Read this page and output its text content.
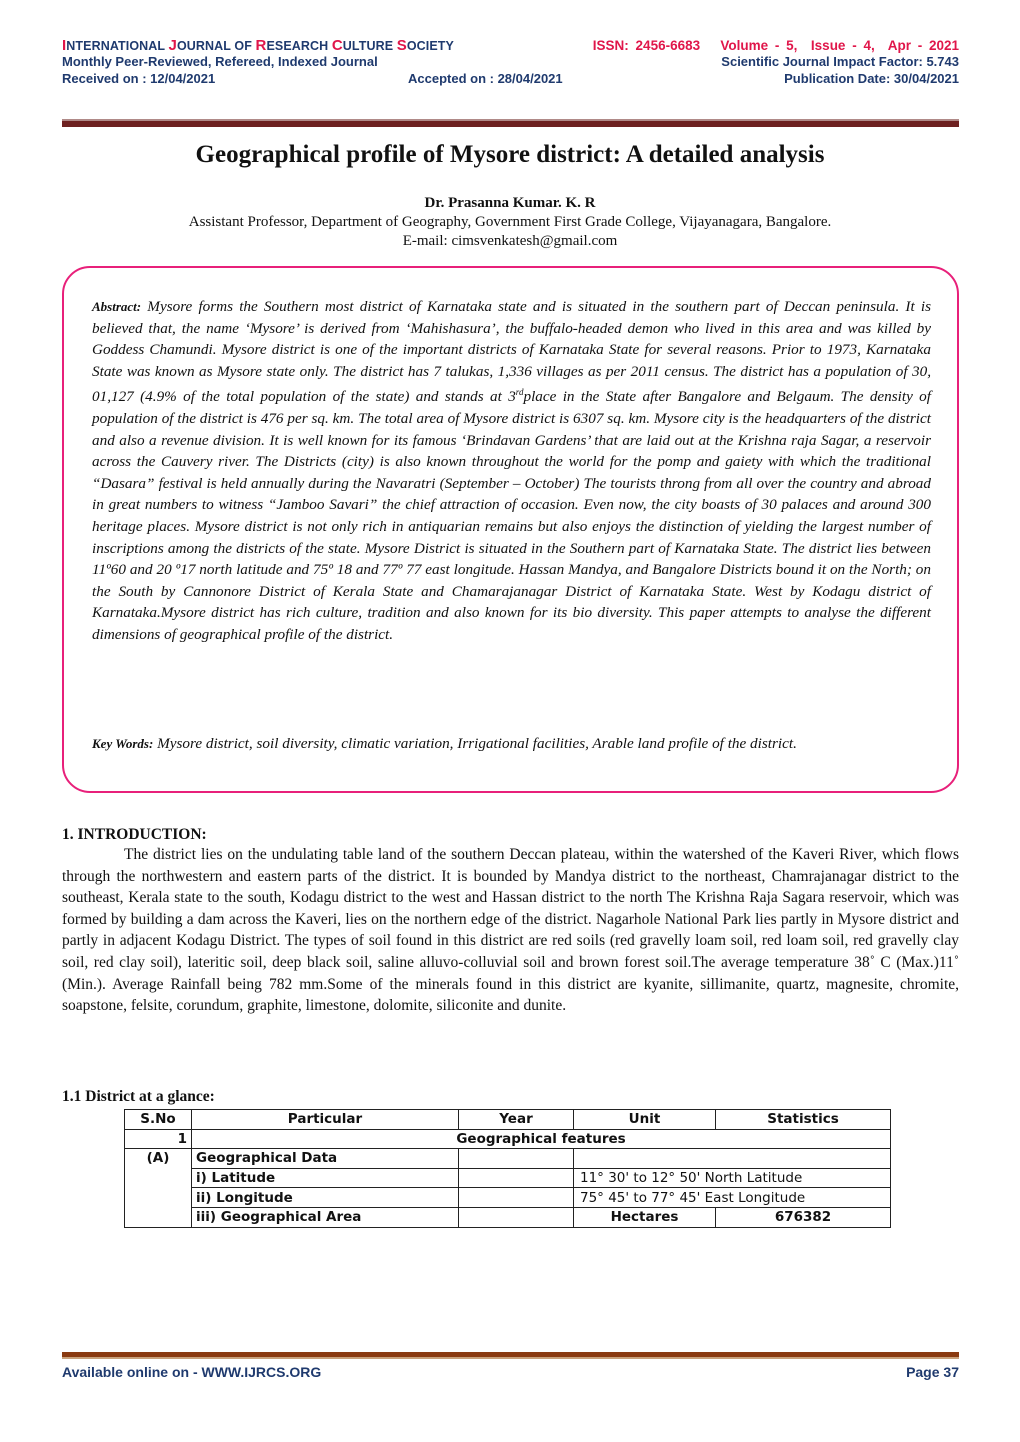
INTERNATIONAL JOURNAL OF RESEARCH CULTURE SOCIETY	ISSN: 2456-6683 Volume - 5, Issue - 4, Apr - 2021
Monthly Peer-Reviewed, Refereed, Indexed Journal	Scientific Journal Impact Factor: 5.743
Received on : 12/04/2021	Accepted on : 28/04/2021	Publication Date: 30/04/2021
Geographical profile of Mysore district: A detailed analysis
Dr. Prasanna Kumar. K. R
Assistant Professor, Department of Geography, Government First Grade College, Vijayanagara, Bangalore.
E-mail: cimsvenkatesh@gmail.com
Abstract: Mysore forms the Southern most district of Karnataka state and is situated in the southern part of Deccan peninsula. It is believed that, the name ‘Mysore’ is derived from ‘Mahishasura’, the buffalo-headed demon who lived in this area and was killed by Goddess Chamundi. Mysore district is one of the important districts of Karnataka State for several reasons. Prior to 1973, Karnataka State was known as Mysore state only. The district has 7 talukas, 1,336 villages as per 2011 census. The district has a population of 30, 01,127 (4.9% of the total population of the state) and stands at 3rdplace in the State after Bangalore and Belgaum. The density of population of the district is 476 per sq. km. The total area of Mysore district is 6307 sq. km. Mysore city is the headquarters of the district and also a revenue division. It is well known for its famous ‘Brindavan Gardens’ that are laid out at the Krishna raja Sagar, a reservoir across the Cauvery river. The Districts (city) is also known throughout the world for the pomp and gaiety with which the traditional “Dasara” festival is held annually during the Navaratri (September – October) The tourists throng from all over the country and abroad in great numbers to witness “Jamboo Savari” the chief attraction of occasion. Even now, the city boasts of 30 palaces and around 300 heritage places. Mysore district is not only rich in antiquarian remains but also enjoys the distinction of yielding the largest number of inscriptions among the districts of the state. Mysore District is situated in the Southern part of Karnataka State. The district lies between 11º60 and 20 º17 north latitude and 75º 18 and 77º 77 east longitude. Hassan Mandya, and Bangalore Districts bound it on the North; on the South by Cannonore District of Kerala State and Chamarajanagar District of Karnataka State. West by Kodagu district of Karnataka.Mysore district has rich culture, tradition and also known for its bio diversity. This paper attempts to analyse the different dimensions of geographical profile of the district.
Key Words: Mysore district, soil diversity, climatic variation, Irrigational facilities, Arable land profile of the district.
1. INTRODUCTION:
The district lies on the undulating table land of the southern Deccan plateau, within the watershed of the Kaveri River, which flows through the northwestern and eastern parts of the district. It is bounded by Mandya district to the northeast, Chamrajanagar district to the southeast, Kerala state to the south, Kodagu district to the west and Hassan district to the north The Krishna Raja Sagara reservoir, which was formed by building a dam across the Kaveri, lies on the northern edge of the district. Nagarhole National Park lies partly in Mysore district and partly in adjacent Kodagu District. The types of soil found in this district are red soils (red gravelly loam soil, red loam soil, red gravelly clay soil, red clay soil), lateritic soil, deep black soil, saline alluvo-colluvial soil and brown forest soil.The average temperature 38˚ C (Max.)11˚ (Min.). Average Rainfall being 782 mm.Some of the minerals found in this district are kyanite, sillimanite, quartz, magnesite, chromite, soapstone, felsite, corundum, graphite, limestone, dolomite, siliconite and dunite.
1.1 District at a glance:
S.No	Particular	Year	Unit	Statistics
1	Geographical features			
(A)	Geographical Data			
	i) Latitude		11° 30' to 12° 50' North Latitude	
	ii) Longitude		75° 45' to 77° 45' East Longitude	
	iii) Geographical Area		Hectares	676382
Available online on - WWW.IJRCS.ORG	Page 37
